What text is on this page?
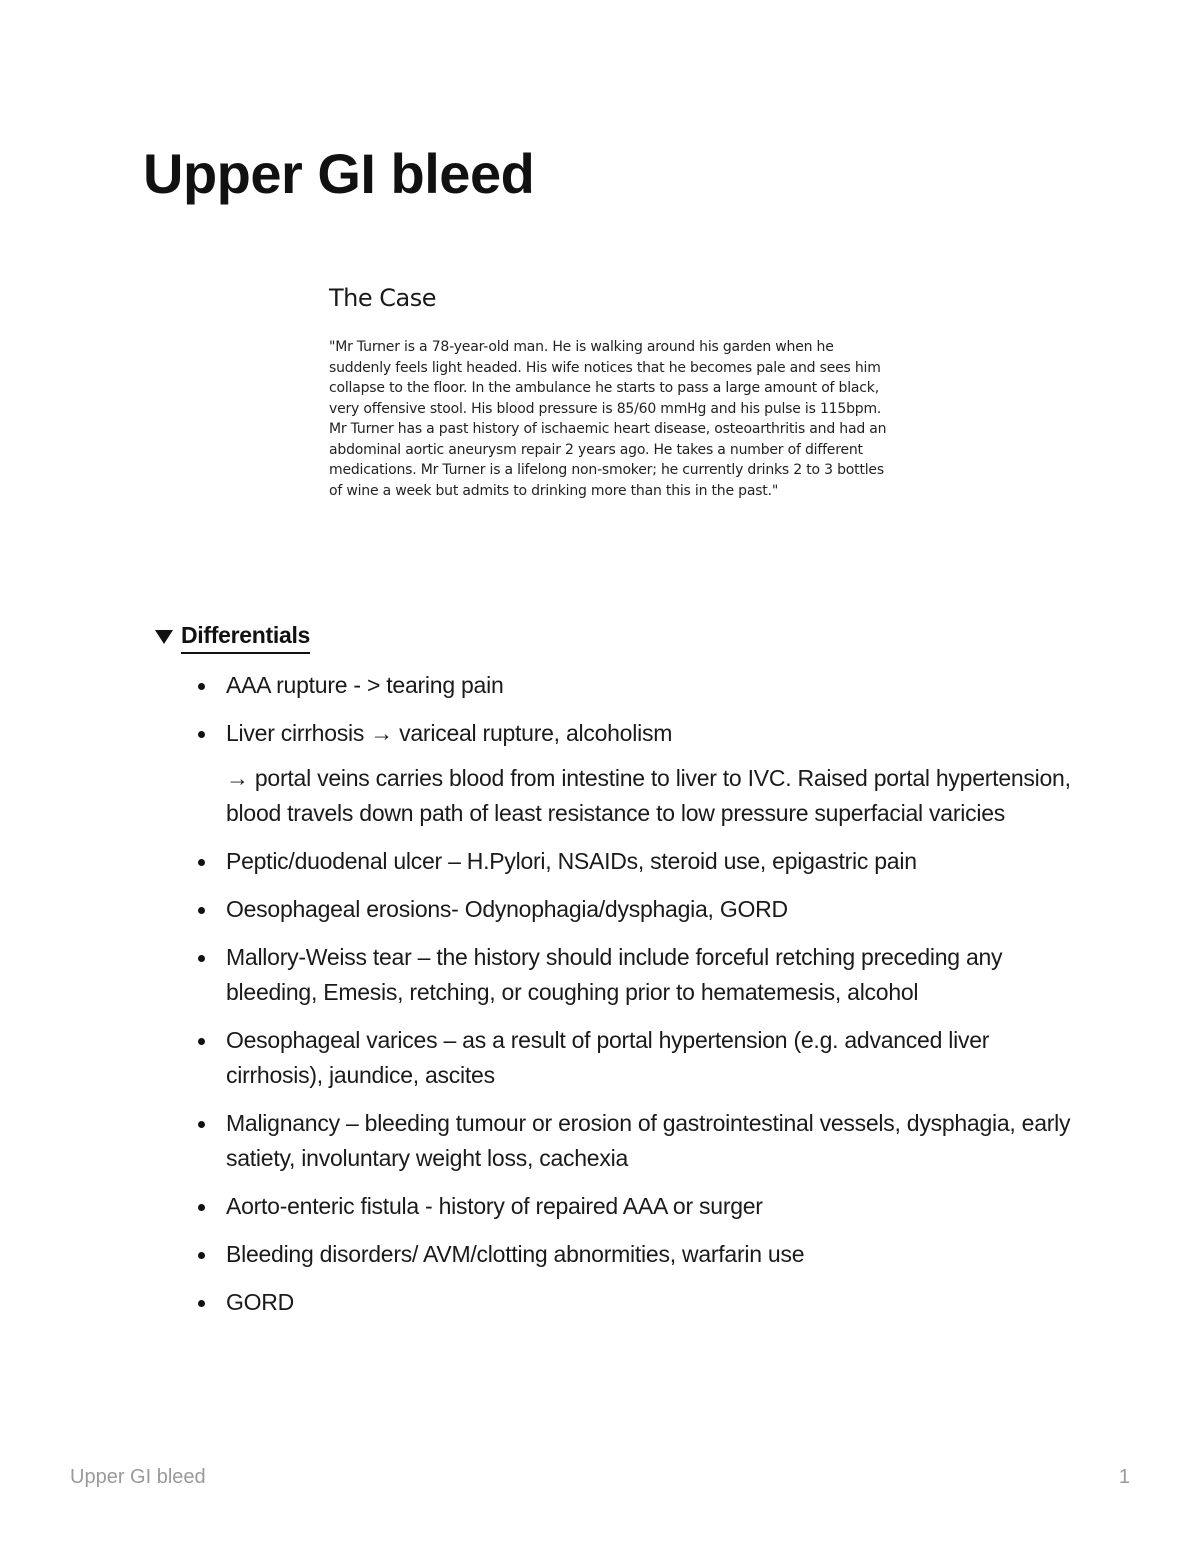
Upper GI bleed
The Case

"Mr Turner is a 78-year-old man. He is walking around his garden when he suddenly feels light headed. His wife notices that he becomes pale and sees him collapse to the floor. In the ambulance he starts to pass a large amount of black, very offensive stool. His blood pressure is 85/60 mmHg and his pulse is 115bpm. Mr Turner has a past history of ischaemic heart disease, osteoarthritis and had an abdominal aortic aneurysm repair 2 years ago. He takes a number of different medications. Mr Turner is a lifelong non-smoker; he currently drinks 2 to 3 bottles of wine a week but admits to drinking more than this in the past."

Differentials
AAA rupture - > tearing pain
Liver cirrhosis → variceal rupture, alcoholism
→ portal veins carries blood from intestine to liver to IVC. Raised portal hypertension, blood travels down path of least resistance to low pressure superfacial varicies
Peptic/duodenal ulcer – H.Pylori, NSAIDs, steroid use, epigastric pain
Oesophageal erosions- Odynophagia/dysphagia, GORD
Mallory-Weiss tear – the history should include forceful retching preceding any bleeding, Emesis, retching, or coughing prior to hematemesis, alcohol
Oesophageal varices – as a result of portal hypertension (e.g. advanced liver cirrhosis), jaundice, ascites
Malignancy – bleeding tumour or erosion of gastrointestinal vessels, dysphagia, early satiety, involuntary weight loss, cachexia
Aorto-enteric fistula - history of repaired AAA or surger
Bleeding disorders/ AVM/clotting abnormities, warfarin use
GORD
Upper GI bleed	1
